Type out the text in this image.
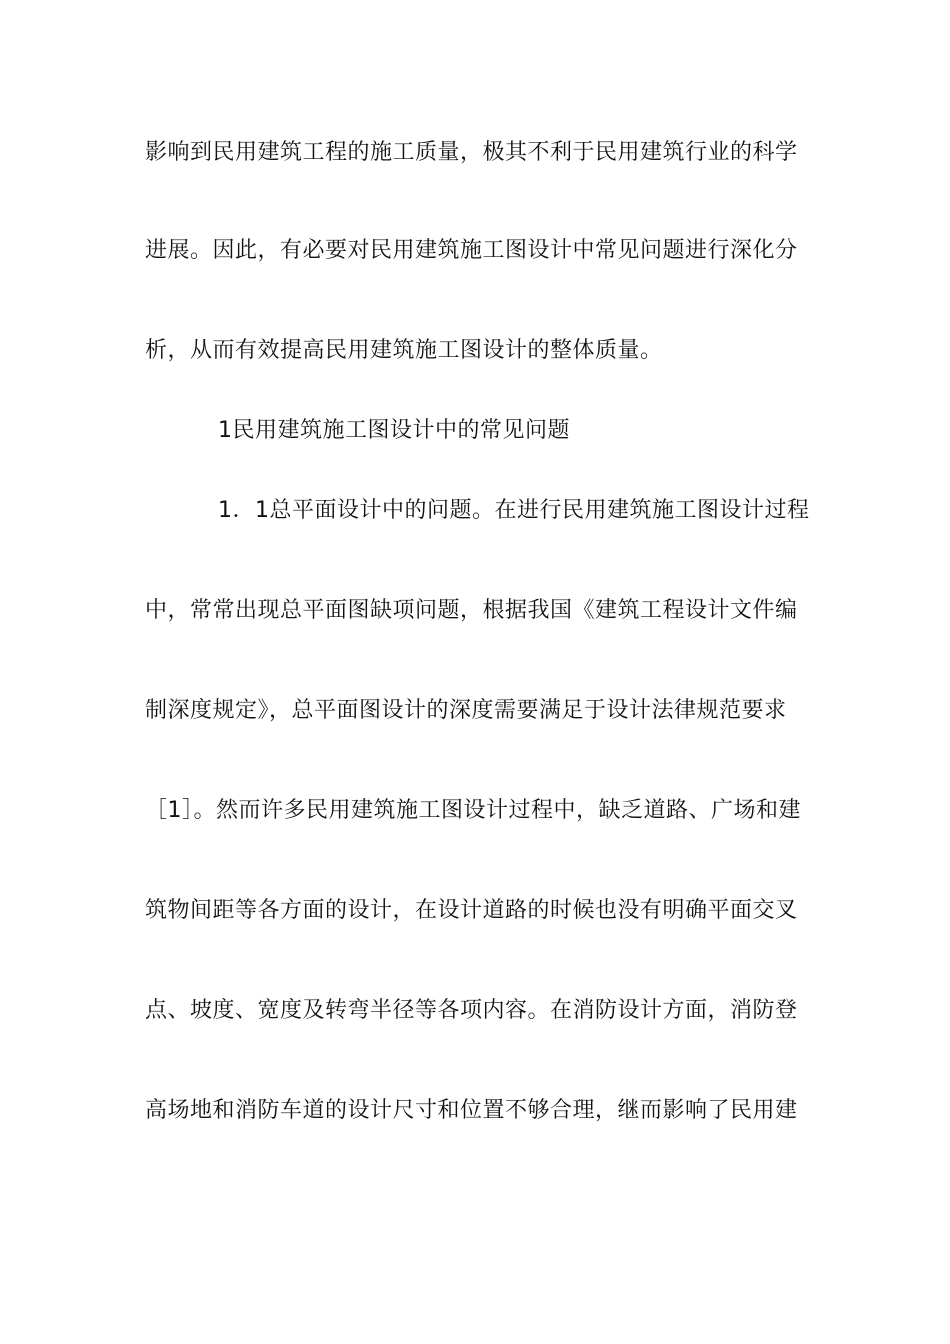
影响到民用建筑工程的施工质量，极其不利于民用建筑行业的科学
进展。因此，有必要对民用建筑施工图设计中常见问题进行深化分
析，从而有效提高民用建筑施工图设计的整体质量。
1民用建筑施工图设计中的常见问题
1．1总平面设计中的问题。在进行民用建筑施工图设计过程
中，常常出现总平面图缺项问题，根据我国《建筑工程设计文件编
制深度规定》，总平面图设计的深度需要满足于设计法律规范要求
［1］。然而许多民用建筑施工图设计过程中，缺乏道路、广场和建
筑物间距等各方面的设计，在设计道路的时候也没有明确平面交叉
点、坡度、宽度及转弯半径等各项内容。在消防设计方面，消防登
高场地和消防车道的设计尺寸和位置不够合理，继而影响了民用建
